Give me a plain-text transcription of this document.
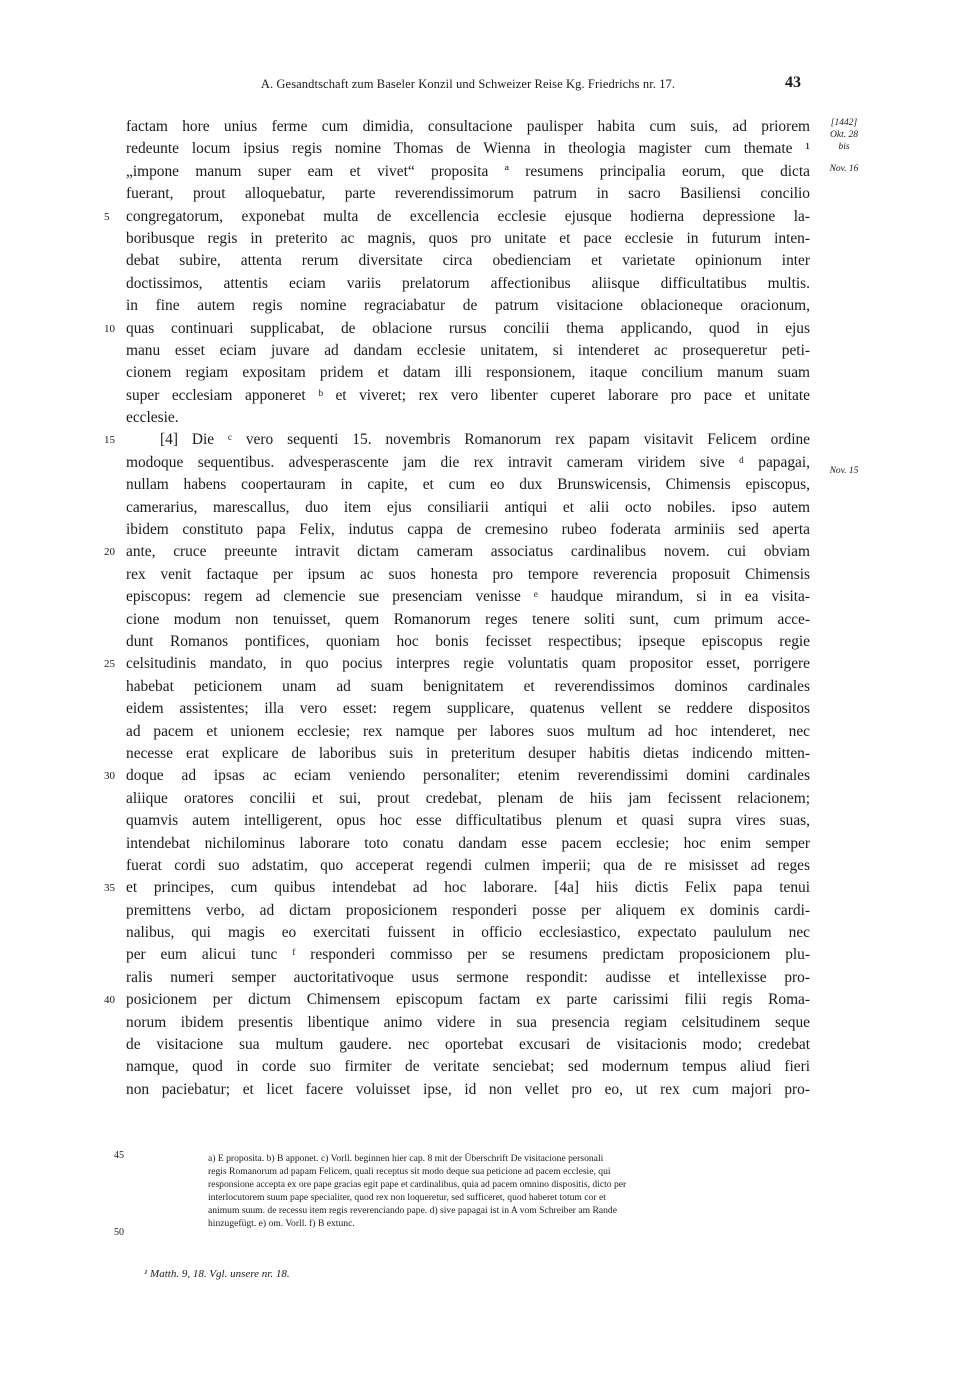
A. Gesandtschaft zum Baseler Konzil und Schweizer Reise Kg. Friedrichs nr. 17.	43
factam hore unius ferme cum dimidia, consultacione paulisper habita cum suis, ad priorem
redeunte locum ipsius regis nomine Thomas de Wienna in theologia magister cum themate ¹
„impone manum super eam et vivet“ proposita ª resumens principalia eorum, que dicta
fuerant, prout alloquebatur, parte reverendissimorum patrum in sacro Basiliensi concilio
5	congregatorum, exponebat multa de excellencia ecclesie ejusque hodierna depressione la-
boribusque regis in preterito ac magnis, quos pro unitate et pace ecclesie in futurum inten-
debat subire, attenta rerum diversitate circa obedienciam et varietate opinionum inter
doctissimos, attentis eciam variis prelatorum affectionibus aliisque difficultatibus multis.
in fine autem regis nomine regraciabatur de patrum visitacione oblacioneque oracionum,
10 quas continuari supplicabat, de oblacione rursus concilii thema applicando, quod in ejus
manu esset eciam juvare ad dandam ecclesie unitatem, si intenderet ac prosequeretur peti-
cionem regiam expositam pridem et datam illi responsionem, itaque concilium manum suam
super ecclesiam apponeret ᵇ et viveret; rex vero libenter cuperet laborare pro pace et unitate
ecclesie.
15	[4] Die ᶜ vero sequenti 15. novembris Romanorum rex papam visitavit Felicem ordine
modoque sequentibus. advesperascente jam die rex intravit cameram viridem sive ᵈ papagai,
nullam habens coopertauram in capite, et cum eo dux Brunswicensis, Chimensis episcopus,
camerarius, marescallus, duo item ejus consiliarii antiqui et alii octo nobiles. ipso autem
ibidem constituto papa Felix, indutus cappa de cremesino rubeo foderata arminiis sed aperta
20 ante, cruce preeunte intravit dictam cameram associatus cardinalibus novem. cui obviam
rex venit factaque per ipsum ac suos honesta pro tempore reverencia proposuit Chimensis
episcopus: regem ad clemencie sue presenciam venisse ᵉ haudque mirandum, si in ea visita-
cione modum non tenuisset, quem Romanorum reges tenere soliti sunt, cum primum acce-
dunt Romanos pontifices, quoniam hoc bonis fecisset respectibus; ipseque episcopus regie
25 celsitudinis mandato, in quo pocius interpres regie voluntatis quam propositor esset, porrigere
habebat peticionem unam ad suam benignitatem et reverendissimos dominos cardinales
eidem assistentes; illa vero esset: regem supplicare, quatenus vellent se reddere dispositos
ad pacem et unionem ecclesie; rex namque per labores suos multum ad hoc intenderet, nec
necesse erat explicare de laboribus suis in preteritum desuper habitis dietas indicendo mitten-
30 doque ad ipsas ac eciam veniendo personaliter; etenim reverendissimi domini cardinales
aliique oratores concilii et sui, prout credebat, plenam de hiis jam fecissent relacionem;
quamvis autem intelligerent, opus hoc esse difficultatibus plenum et quasi supra vires suas,
intendebat nichilominus laborare toto conatu dandam esse pacem ecclesie; hoc enim semper
fuerat cordi suo adstatim, quo acceperat regendi culmen imperii; qua de re misisset ad reges
35 et principes, cum quibus intendebat ad hoc laborare. [4a] hiis dictis Felix papa tenui
premittens verbo, ad dictam proposicionem responderi posse per aliquem ex dominis cardi-
nalibus, qui magis eo exercitati fuissent in officio ecclesiastico, expectato paululum nec
per eum alicui tunc ᶠ responderi commisso per se resumens predictam proposicionem plu-
ralis numeri semper auctoritativoque usus sermone respondit: audisse et intellexisse pro-
40 posicionem per dictum Chimensem episcopum factam ex parte carissimi filii regis Roma-
norum ibidem presentis libentique animo videre in sua presencia regiam celsitudinem seque
de visitacione sua multum gaudere. nec oportebat excusari de visitacionis modo; credebat
namque, quod in corde suo firmiter de veritate senciebat; sed modernum tempus aliud fieri
non paciebatur; et licet facere voluisset ipse, id non vellet pro eo, ut rex cum majori pro-
[1442]
Okt. 28
bis
Nov. 16
Nov. 15
45
50
a) E proposita. b) B apponet. c) Vorll. beginnen hier cap. 8 mit der Überschrift De visitacione personali
regis Romanorum ad papam Felicem, quali receptus sit modo deque sua peticione ad pacem ecclesie, qui
responsione accepta ex ore pape gracias egit pape et cardinalibus, quia ad pacem omnino dispositis, dicto per
interlocutorem suum pape specialiter, quod rex non loqueretur, sed sufficeret, quod haberet totum cor et
animum suum. de recessu item regis reverenciando pape. d) sive papagai ist in A vom Schreiber am Rande
hinzugefügt. e) om. Vorll. f) B extunc.
¹ Matth. 9, 18. Vgl. unsere nr. 18.
